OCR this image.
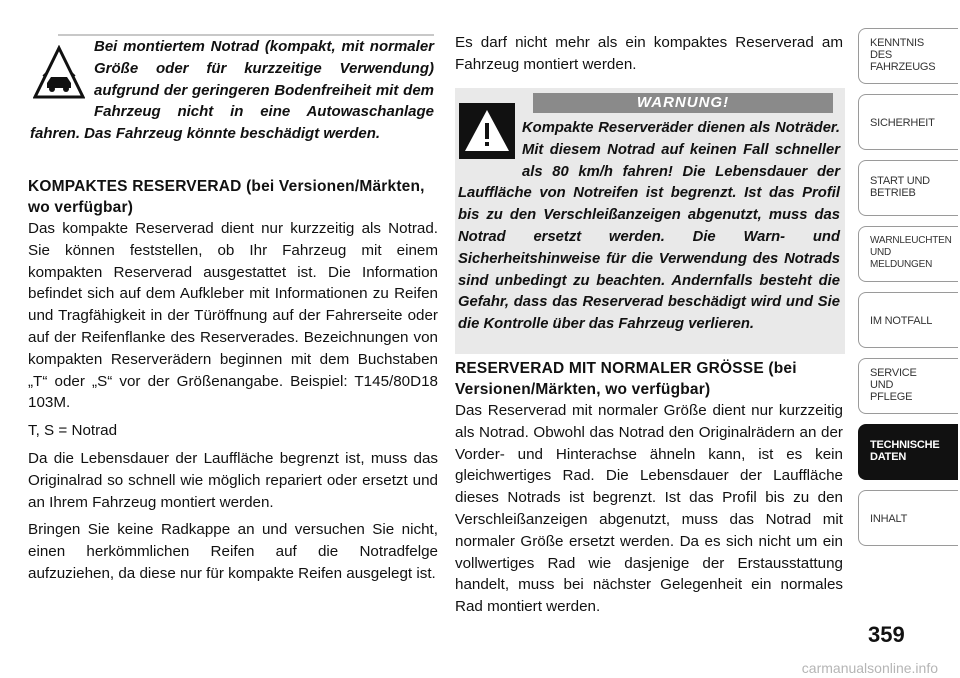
Bei montiertem Notrad (kompakt, mit normaler Größe oder für kurzzeitige Verwendung) aufgrund der geringeren Bodenfreiheit mit dem Fahrzeug nicht in eine Autowaschanlage fahren. Das Fahrzeug könnte beschädigt werden.
KOMPAKTES RESERVERAD (bei Versionen/Märkten, wo verfügbar)

Das kompakte Reserverad dient nur kurzzeitig als Notrad. Sie können feststellen, ob Ihr Fahrzeug mit einem kompakten Reserverad ausgestattet ist. Die Information befindet sich auf dem Aufkleber mit Informationen zu Reifen und Tragfähigkeit in der Türöffnung auf der Fahrerseite oder auf der Reifenflanke des Reserverades. Bezeichnungen von kompakten Reserverädern beginnen mit dem Buchstaben „T“ oder „S“ vor der Größenangabe. Beispiel: T145/80D18 103M.

T, S = Notrad

Da die Lebensdauer der Lauffläche begrenzt ist, muss das Originalrad so schnell wie möglich repariert oder ersetzt und an Ihrem Fahrzeug montiert werden.

Bringen Sie keine Radkappe an und versuchen Sie nicht, einen herkömmlichen Reifen auf die Notradfelge aufzuziehen, da diese nur für kompakte Reifen ausgelegt ist.

Es darf nicht mehr als ein kompaktes Reserverad am Fahrzeug montiert werden.

WARNUNG!
Kompakte Reserveräder dienen als Noträder. Mit diesem Notrad auf keinen Fall schneller als 80 km/h fahren! Die Lebensdauer der Lauffläche von Notreifen ist begrenzt. Ist das Profil bis zu den Verschleißanzeigen abgenutzt, muss das Notrad ersetzt werden. Die Warn- und Sicherheitshinweise für die Verwendung des Notrads sind unbedingt zu beachten. Andernfalls besteht die Gefahr, dass das Reserverad beschädigt wird und Sie die Kontrolle über das Fahrzeug verlieren.
RESERVERAD MIT NORMALER GRÖSSE (bei Versionen/Märkten, wo verfügbar)

Das Reserverad mit normaler Größe dient nur kurzzeitig als Notrad. Obwohl das Notrad den Originalrädern an der Vorder- und Hinterachse ähneln kann, ist es kein gleichwertiges Rad. Die Lebensdauer der Lauffläche dieses Notrads ist begrenzt. Ist das Profil bis zu den Verschleißanzeigen abgenutzt, muss das Notrad mit normaler Größe ersetzt werden. Da es sich nicht um ein vollwertiges Rad wie dasjenige der Erstausstattung handelt, muss bei nächster Gelegenheit ein normales Rad montiert werden.

KENNTNIS
DES
FAHRZEUGS
SICHERHEIT
START UND
BETRIEB
WARNLEUCHTEN
UND
MELDUNGEN
IM NOTFALL
SERVICE
UND
PFLEGE
TECHNISCHE
DATEN
INHALT
359
carmanualsonline.info
